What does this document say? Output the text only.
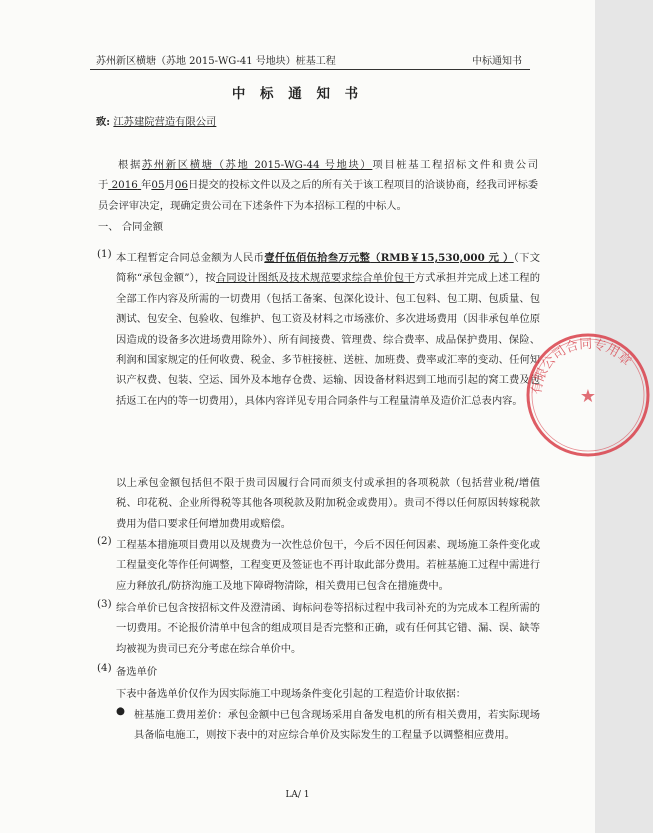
苏州新区横塘（苏地 2015-WG-41 号地块）桩基工程	中标通知书
中 标 通 知 书
致: 江苏建院营造有限公司
根据苏州新区横塘（苏地 2015-WG-44 号地块）项目桩基工程招标文件和贵公司于 2016 年05月06日提交的投标文件以及之后的所有关于该工程项目的洽谈协商，经我司评标委员会评审决定，现确定贵公司在下述条件下为本招标工程的中标人。
一、 合同金额
(1) 本工程暂定合同总金额为人民币壹仟伍佰伍拾叁万元整（RMB￥15,530,000 元 ）（下文简称“承包金额”），按合同设计图纸及技术规范要求综合单价包干方式承担并完成上述工程的全部工作内容及所需的一切费用（包括工备案、包深化设计、包工包料、包工期、包质量、包测试、包安全、包验收、包维护、包工资及材料之市场涨价、多次进场费用（因非承包单位原因造成的设备多次进场费用除外）、所有间接费、管理费、综合费率、成品保护费用、保险、利润和国家规定的任何收费、税金、多节桩接桩、送桩、加班费、费率或汇率的变动、任何知识产权费、包装、空运、国外及本地存仓费、运输、因设备材料迟到工地而引起的窝工费及包括返工在内的等一切费用），具体内容详见专用合同条件与工程量清单及造价汇总表内容。
以上承包金额包括但不限于贵司因履行合同而须支付或承担的各项税款（包括营业税/增值税、印花税、企业所得税等其他各项税款及附加税金或费用）。贵司不得以任何原因转嫁税款费用为借口要求任何增加费用或赔偿。
(2) 工程基本措施项目费用以及规费为一次性总价包干，今后不因任何因素、现场施工条件变化或工程量变化等作任何调整，工程变更及签证也不再计取此部分费用。若桩基施工过程中需进行应力释放孔/防挤沟施工及地下障碍物清除，相关费用已包含在措施费中。
(3) 综合单价已包含按招标文件及澄清函、询标问卷等招标过程中我司补充的为完成本工程所需的一切费用。不论报价清单中包含的组成项目是否完整和正确，或有任何其它错、漏、误、缺等均被视为贵司已充分考虑在综合单价中。
(4) 备选单价
下表中备选单价仅作为因实际施工中现场条件变化引起的工程造价计取依据：
● 桩基施工费用差价：承包金额中已包含现场采用自备发电机的所有相关费用，若实际现场具备临电施工，则按下表中的对应综合单价及实际发生的工程量予以调整相应费用。
LA/ 1
有限公司合同专用章
★
